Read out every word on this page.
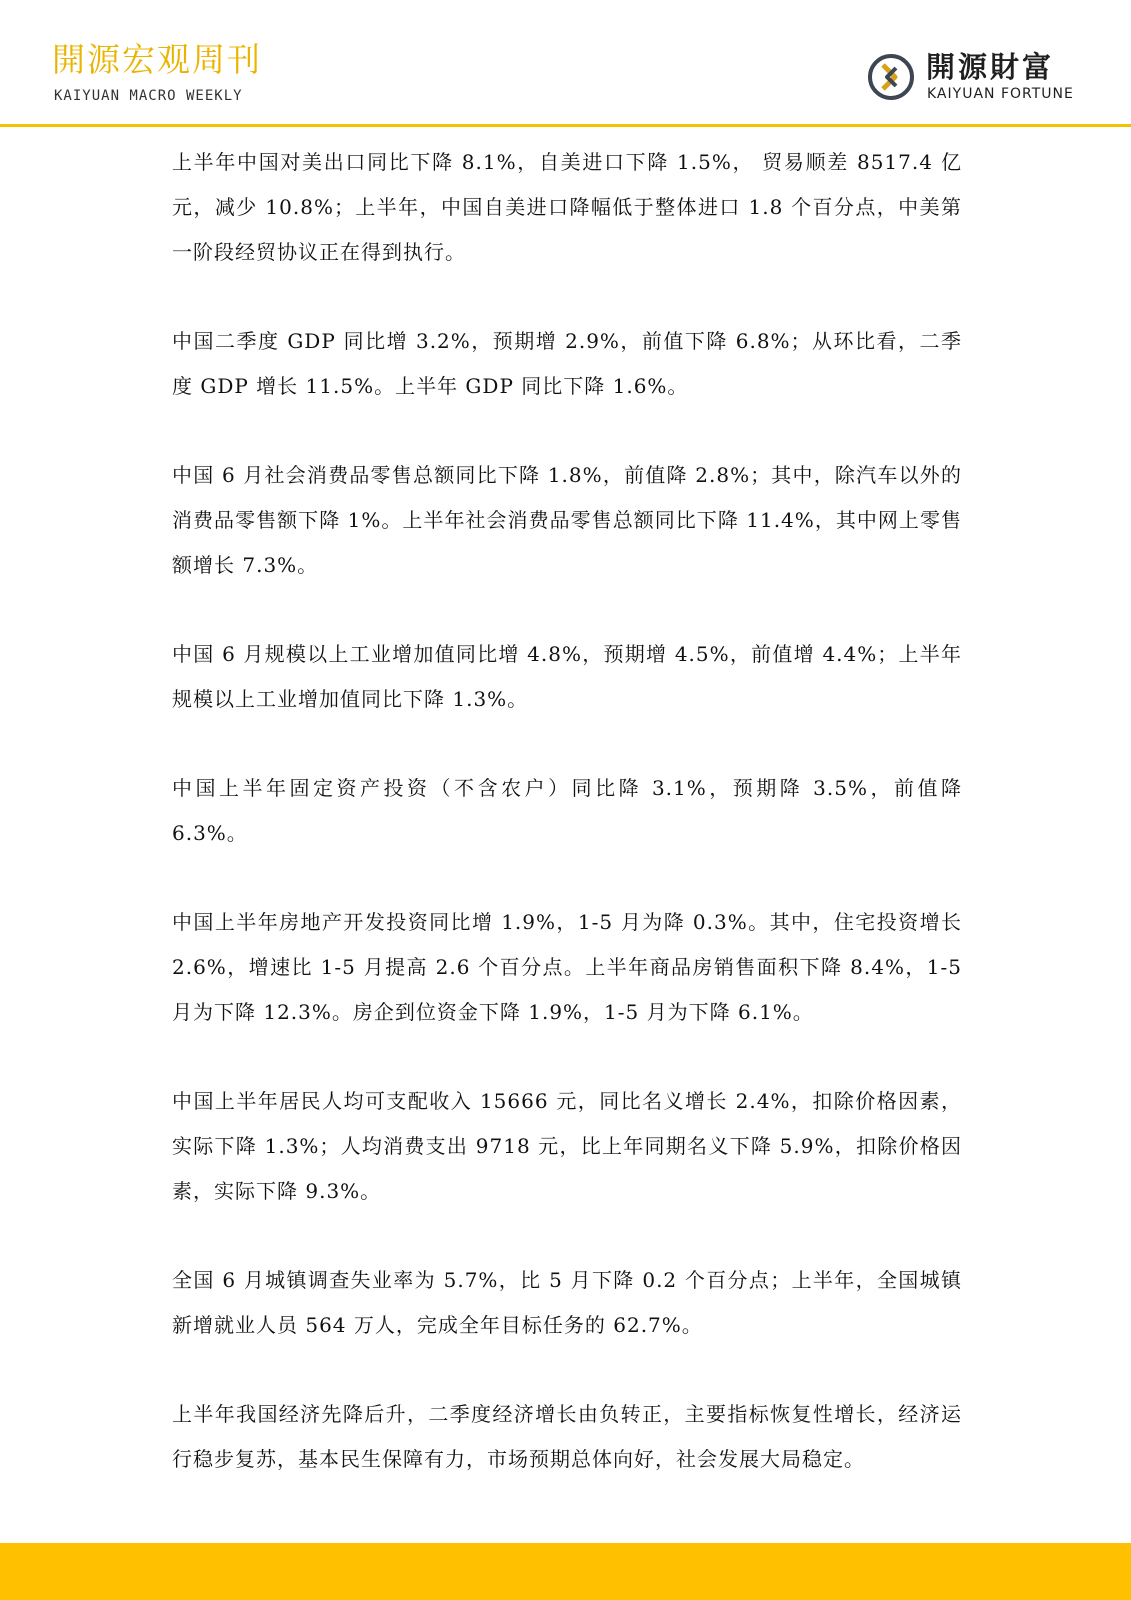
開源宏观周刊
KAIYUAN MACRO WEEKLY
開源財富
KAIYUAN FORTUNE

上半年中国对美出口同比下降 8.1%，自美进口下降 1.5%， 贸易顺差 8517.4 亿元，减少 10.8%；上半年，中国自美进口降幅低于整体进口 1.8 个百分点，中美第一阶段经贸协议正在得到执行。

中国二季度 GDP 同比增 3.2%，预期增 2.9%，前值下降 6.8%；从环比看，二季度 GDP 增长 11.5%。上半年 GDP 同比下降 1.6%。

中国 6 月社会消费品零售总额同比下降 1.8%，前值降 2.8%；其中，除汽车以外的消费品零售额下降 1%。上半年社会消费品零售总额同比下降 11.4%，其中网上零售额增长 7.3%。

中国 6 月规模以上工业增加值同比增 4.8%，预期增 4.5%，前值增 4.4%；上半年规模以上工业增加值同比下降 1.3%。

中国上半年固定资产投资（不含农户）同比降 3.1%，预期降 3.5%，前值降 6.3%。

中国上半年房地产开发投资同比增 1.9%，1-5 月为降 0.3%。其中，住宅投资增长 2.6%，增速比 1-5 月提高 2.6 个百分点。上半年商品房销售面积下降 8.4%，1-5 月为下降 12.3%。房企到位资金下降 1.9%，1-5 月为下降 6.1%。

中国上半年居民人均可支配收入 15666 元，同比名义增长 2.4%，扣除价格因素，实际下降 1.3%；人均消费支出 9718 元，比上年同期名义下降 5.9%，扣除价格因素，实际下降 9.3%。

全国 6 月城镇调查失业率为 5.7%，比 5 月下降 0.2 个百分点；上半年，全国城镇新增就业人员 564 万人，完成全年目标任务的 62.7%。

上半年我国经济先降后升，二季度经济增长由负转正，主要指标恢复性增长，经济运行稳步复苏，基本民生保障有力，市场预期总体向好，社会发展大局稳定。
